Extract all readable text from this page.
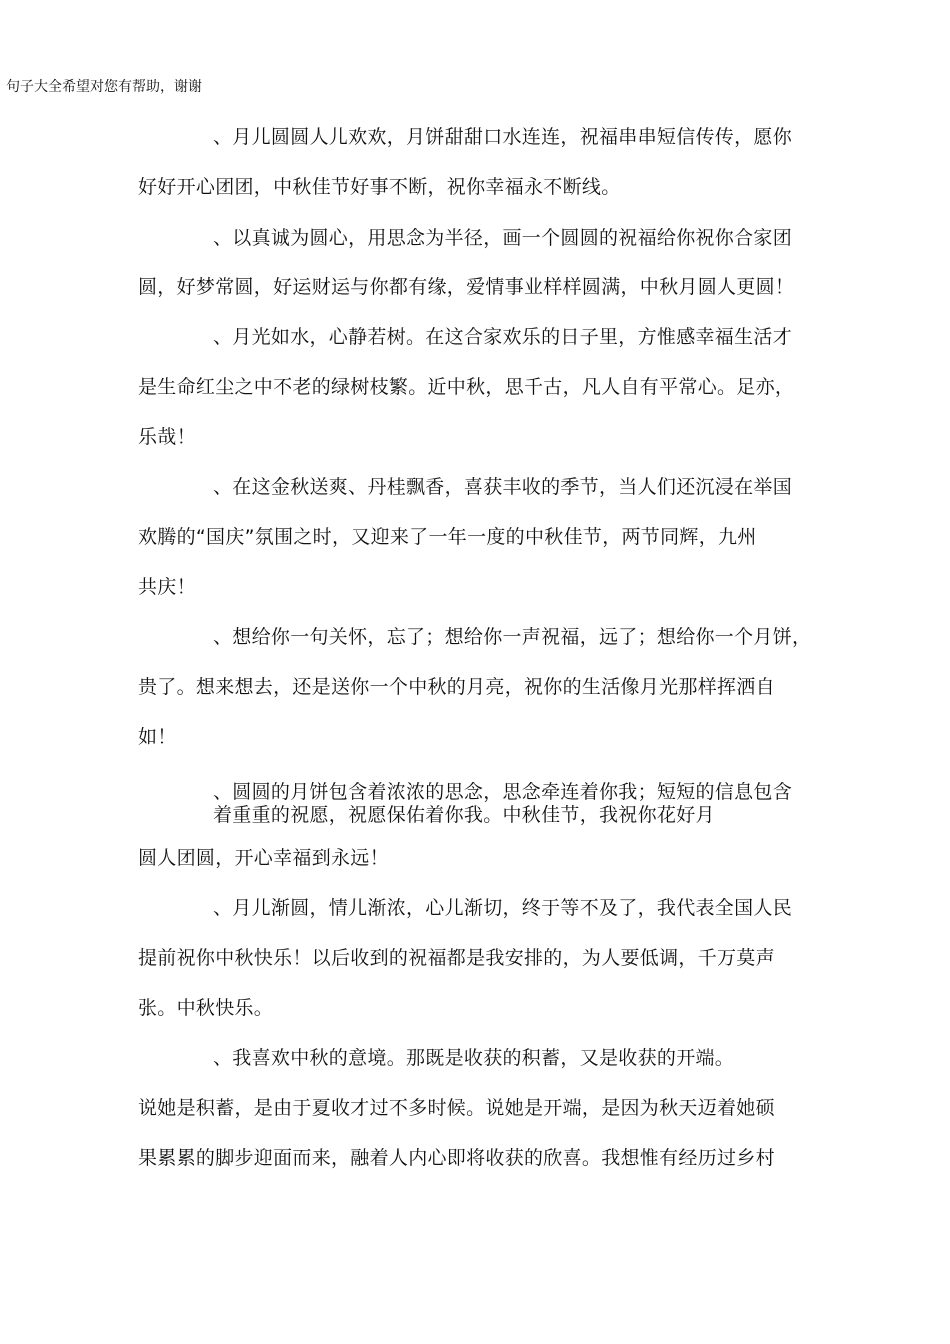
句子大全希望对您有帮助，谢谢
、月儿圆圆人儿欢欢，月饼甜甜口水连连，祝福串串短信传传，愿你
好好开心团团，中秋佳节好事不断，祝你幸福永不断线。
、以真诚为圆心，用思念为半径，画一个圆圆的祝福给你祝你合家团
圆，好梦常圆，好运财运与你都有缘，爱情事业样样圆满，中秋月圆人更圆！
、月光如水，心静若树。在这合家欢乐的日子里，方惟感幸福生活才
是生命红尘之中不老的绿树枝繁。近中秋，思千古，凡人自有平常心。足亦，
乐哉！
、在这金秋送爽、丹桂飘香，喜获丰收的季节，当人们还沉浸在举国
欢腾的“国庆”氛围之时，又迎来了一年一度的中秋佳节，两节同辉，九州
共庆！
、想给你一句关怀，忘了；想给你一声祝福，远了；想给你一个月饼，
贵了。想来想去，还是送你一个中秋的月亮，祝你的生活像月光那样挥洒自
如！
、圆圆的月饼包含着浓浓的思念，思念牵连着你我；短短的信息包含
着重重的祝愿，祝愿保佑着你我。中秋佳节，我祝你花好月
圆人团圆，开心幸福到永远！
、月儿渐圆，情儿渐浓，心儿渐切，终于等不及了，我代表全国人民
提前祝你中秋快乐！以后收到的祝福都是我安排的，为人要低调，千万莫声
张。中秋快乐。
、我喜欢中秋的意境。那既是收获的积蓄，又是收获的开端。
说她是积蓄，是由于夏收才过不多时候。说她是开端，是因为秋天迈着她硕
果累累的脚步迎面而来，融着人内心即将收获的欣喜。我想惟有经历过乡村
